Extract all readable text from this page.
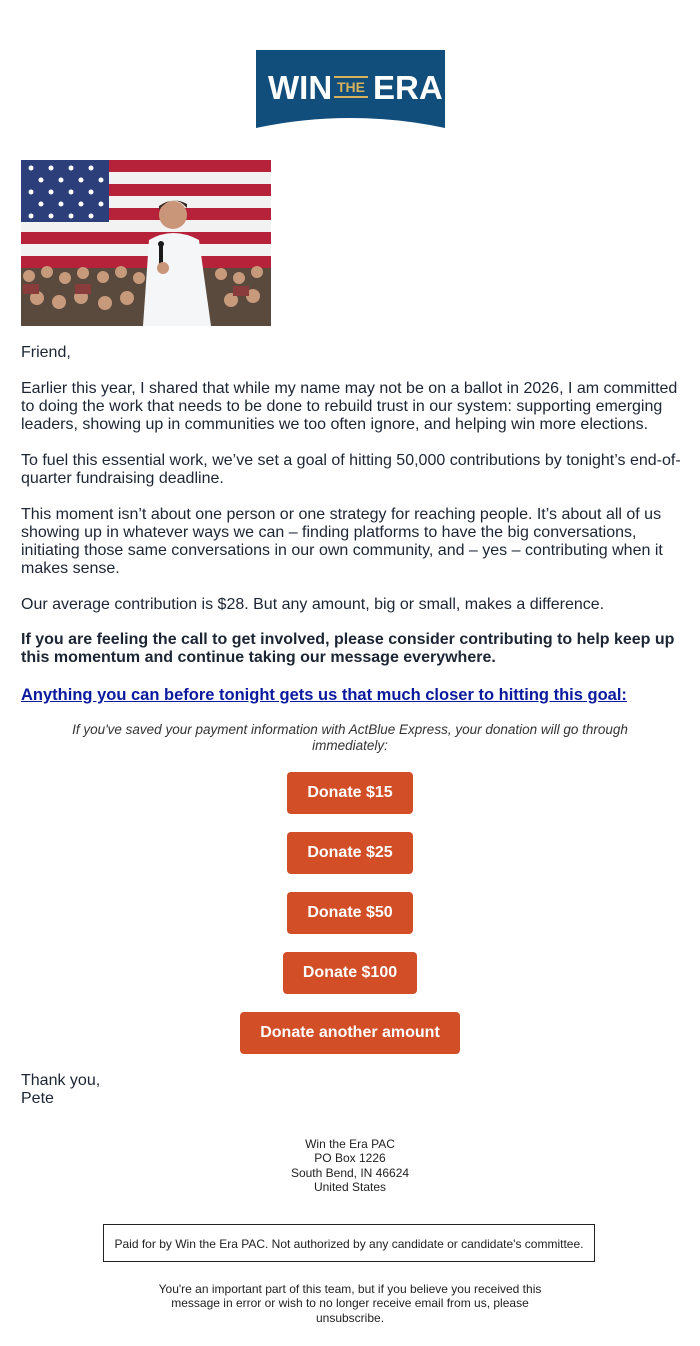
WIN THE ERA

Friend,

Earlier this year, I shared that while my name may not be on a ballot in 2026, I am committed to doing the work that needs to be done to rebuild trust in our system: supporting emerging leaders, showing up in communities we too often ignore, and helping win more elections.

To fuel this essential work, we’ve set a goal of hitting 50,000 contributions by tonight’s end-of-quarter fundraising deadline.

This moment isn’t about one person or one strategy for reaching people. It’s about all of us showing up in whatever ways we can – finding platforms to have the big conversations, initiating those same conversations in our own community, and – yes – contributing when it makes sense.

Our average contribution is $28. But any amount, big or small, makes a difference.

If you are feeling the call to get involved, please consider contributing to help keep up this momentum and continue taking our message everywhere.

Anything you can before tonight gets us that much closer to hitting this goal:

If you've saved your payment information with ActBlue Express, your donation will go through immediately:

Donate $15
Donate $25
Donate $50
Donate $100
Donate another amount
Thank you,
Pete
Win the Era PAC
PO Box 1226
South Bend, IN 46624
United States
Paid for by Win the Era PAC. Not authorized by any candidate or candidate's committee.

You're an important part of this team, but if you believe you received this message in error or wish to no longer receive email from us, please unsubscribe.
